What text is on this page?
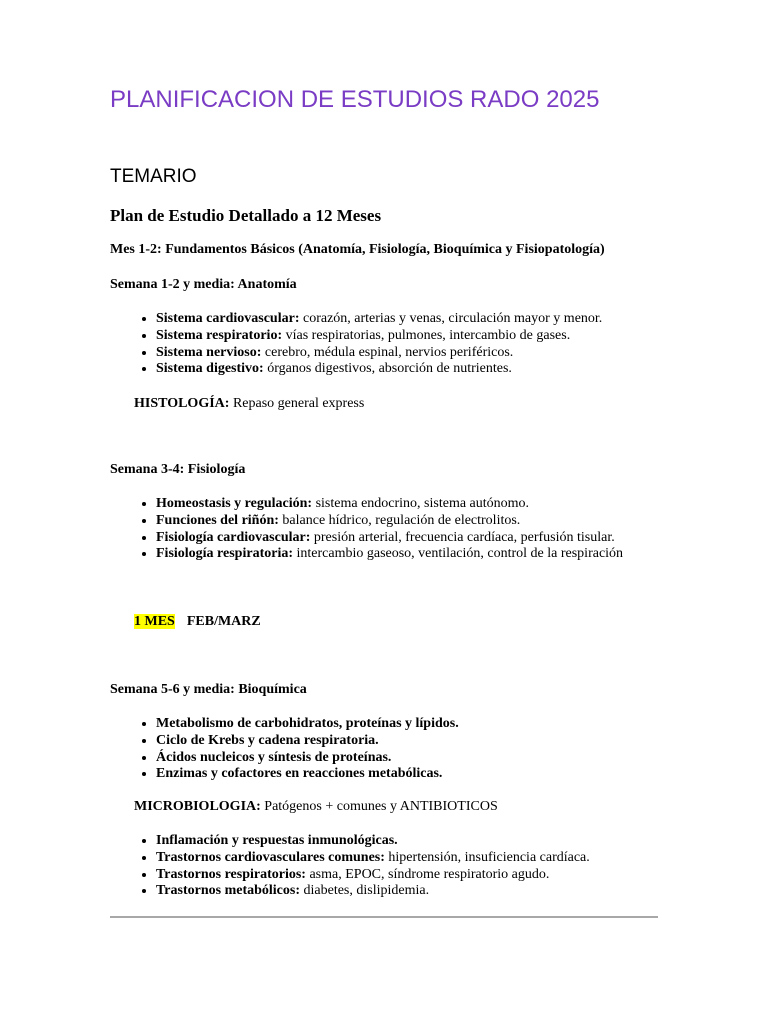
PLANIFICACION DE ESTUDIOS RADO 2025
TEMARIO
Plan de Estudio Detallado a 12 Meses

Mes 1-2: Fundamentos Básicos (Anatomía, Fisiología, Bioquímica y Fisiopatología)

Semana 1-2 y media: Anatomía

• Sistema cardiovascular: corazón, arterias y venas, circulación mayor y menor.
• Sistema respiratorio: vías respiratorias, pulmones, intercambio de gases.
• Sistema nervioso: cerebro, médula espinal, nervios periféricos.
• Sistema digestivo: órganos digestivos, absorción de nutrientes.

HISTOLOGÍA: Repaso general express

Semana 3-4: Fisiología

• Homeostasis y regulación: sistema endocrino, sistema autónomo.
• Funciones del riñón: balance hídrico, regulación de electrolitos.
• Fisiología cardiovascular: presión arterial, frecuencia cardíaca, perfusión tisular.
• Fisiología respiratoria: intercambio gaseoso, ventilación, control de la respiración

1 MES FEB/MARZ

Semana 5-6 y media: Bioquímica

• Metabolismo de carbohidratos, proteínas y lípidos.
• Ciclo de Krebs y cadena respiratoria.
• Ácidos nucleicos y síntesis de proteínas.
• Enzimas y cofactores en reacciones metabólicas.

MICROBIOLOGIA: Patógenos + comunes y ANTIBIOTICOS

• Inflamación y respuestas inmunológicas.
• Trastornos cardiovasculares comunes: hipertensión, insuficiencia cardíaca.
• Trastornos respiratorios: asma, EPOC, síndrome respiratorio agudo.
• Trastornos metabólicos: diabetes, dislipidemia.
